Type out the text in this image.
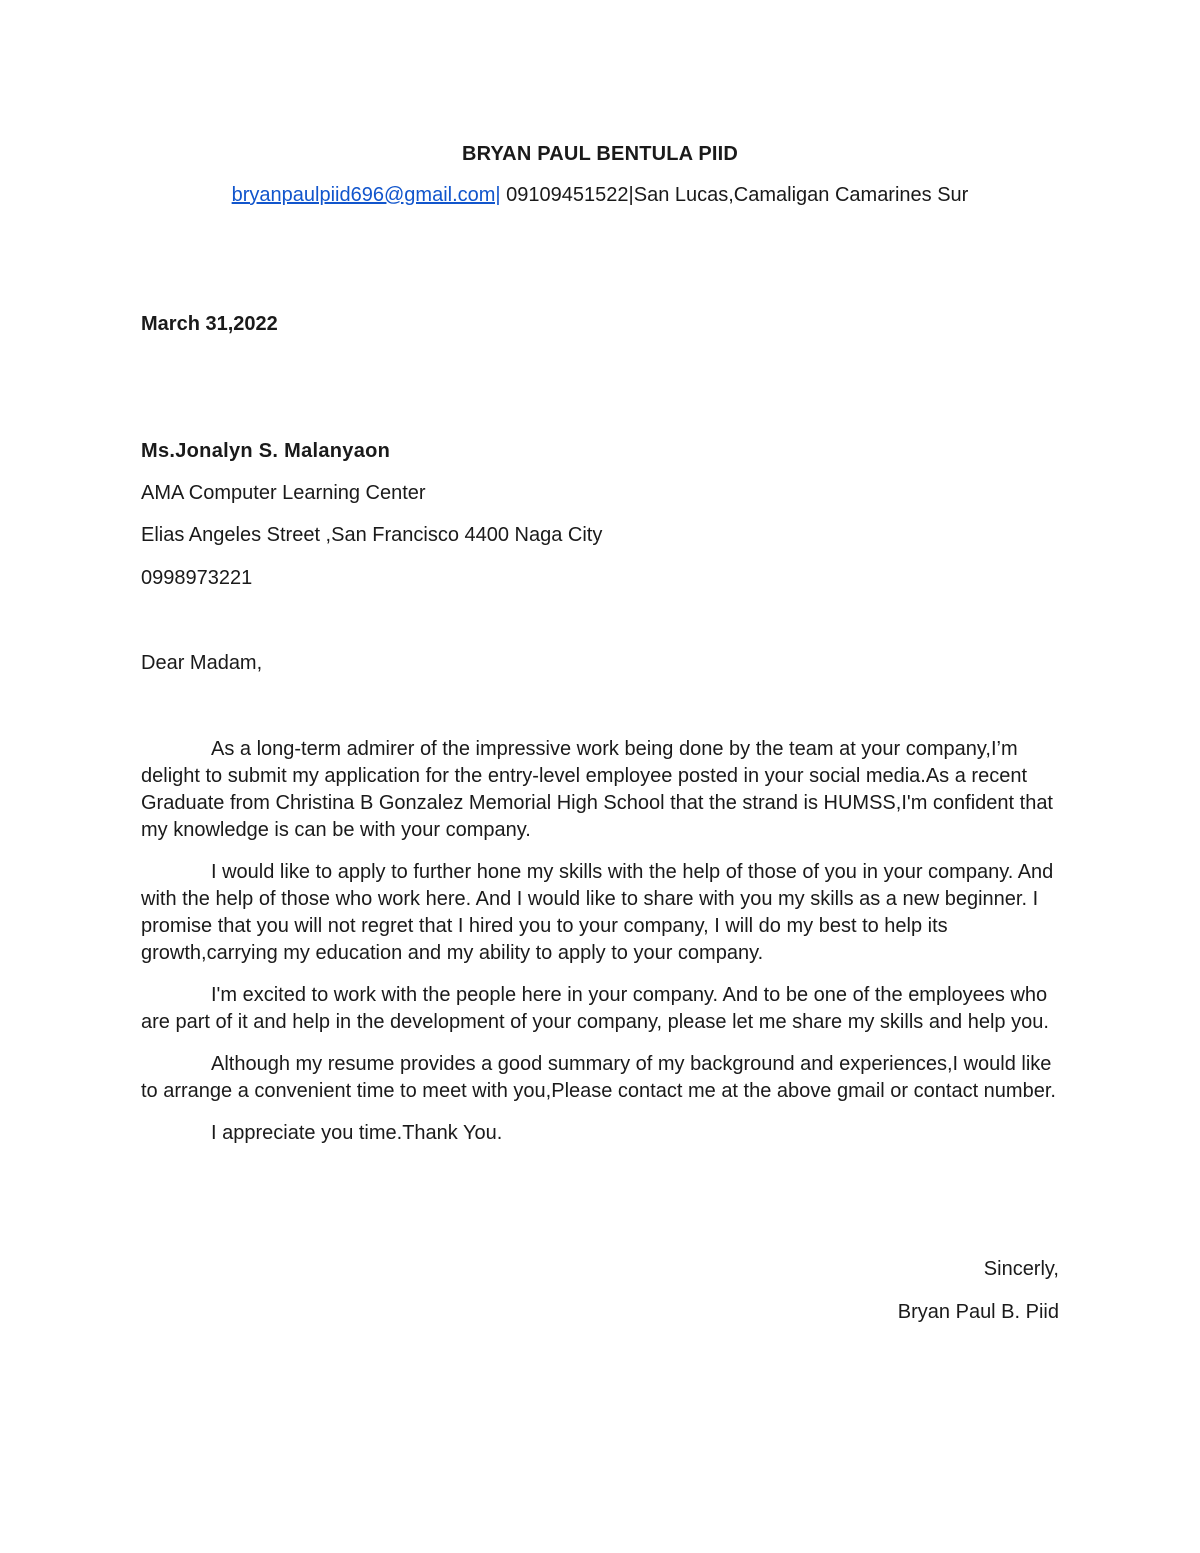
BRYAN PAUL BENTULA PIID

bryanpaulpiid696@gmail.com| 09109451522|San Lucas,Camaligan Camarines Sur

March 31,2022

Ms.Jonalyn S. Malanyaon

AMA Computer Learning Center

Elias Angeles Street ,San Francisco 4400 Naga City

0998973221

Dear Madam,

As a long-term admirer of the impressive work being done by the team at your company,I’m delight to submit my application for the entry-level employee posted in your social media.As a recent Graduate from Christina B Gonzalez Memorial High School that the strand is HUMSS,I'm confident that my knowledge is can be with your company.

I would like to apply to further hone my skills with the help of those of you in your company. And with the help of those who work here. And I would like to share with you my skills as a new beginner. I promise that you will not regret that I hired you to your company, I will do my best to help its growth,carrying my education and my ability to apply to your company.

I'm excited to work with the people here in your company. And to be one of the employees who are part of it and help in the development of your company, please let me share my skills and help you.

Although my resume provides a good summary of my background and experiences,I would like to arrange a convenient time to meet with you,Please contact me at the above gmail or contact number.

I appreciate you time.Thank You.

Sincerly,

Bryan Paul B. Piid
